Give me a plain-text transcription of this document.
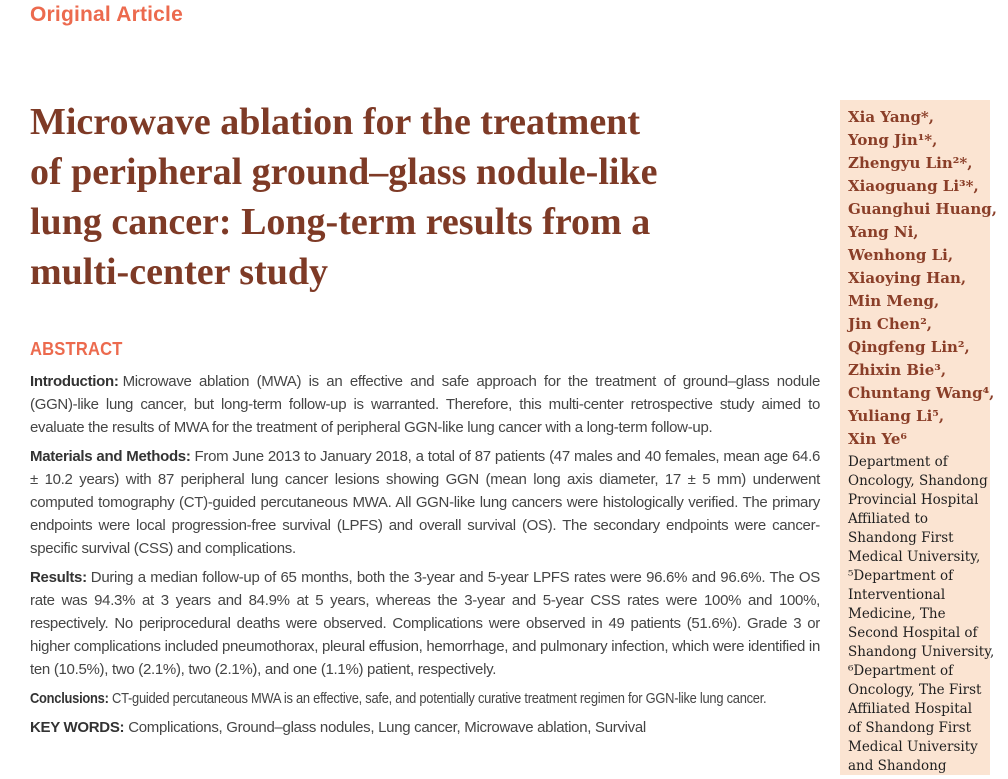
Original Article
Microwave ablation for the treatment
of peripheral ground–glass nodule-like
lung cancer: Long-term results from a
multi-center study
ABSTRACT

Introduction: Microwave ablation (MWA) is an effective and safe approach for the treatment of ground–glass nodule (GGN)-like lung cancer, but long-term follow-up is warranted. Therefore, this multi-center retrospective study aimed to evaluate the results of MWA for the treatment of peripheral GGN-like lung cancer with a long-term follow-up.

Materials and Methods: From June 2013 to January 2018, a total of 87 patients (47 males and 40 females, mean age 64.6 ± 10.2 years) with 87 peripheral lung cancer lesions showing GGN (mean long axis diameter, 17 ± 5 mm) underwent computed tomography (CT)-guided percutaneous MWA. All GGN-like lung cancers were histologically verified. The primary endpoints were local progression-free survival (LPFS) and overall survival (OS). The secondary endpoints were cancer-specific survival (CSS) and complications.

Results: During a median follow-up of 65 months, both the 3-year and 5-year LPFS rates were 96.6% and 96.6%. The OS rate was 94.3% at 3 years and 84.9% at 5 years, whereas the 3-year and 5-year CSS rates were 100% and 100%, respectively. No periprocedural deaths were observed. Complications were observed in 49 patients (51.6%). Grade 3 or higher complications included pneumothorax, pleural effusion, hemorrhage, and pulmonary infection, which were identified in ten (10.5%), two (2.1%), two (2.1%), and one (1.1%) patient, respectively.

Conclusions: CT-guided percutaneous MWA is an effective, safe, and potentially curative treatment regimen for GGN-like lung cancer.

KEY WORDS: Complications, Ground–glass nodules, Lung cancer, Microwave ablation, Survival

Xia Yang*,
Yong Jin¹*,
Zhengyu Lin²*,
Xiaoguang Li³*,
Guanghui Huang,
Yang Ni,
Wenhong Li,
Xiaoying Han,
Min Meng,
Jin Chen²,
Qingfeng Lin²,
Zhixin Bie³,
Chuntang Wang⁴,
Yuliang Li⁵,
Xin Ye⁶
Department of
Oncology, Shandong
Provincial Hospital
Affiliated to
Shandong First
Medical University,
⁵Department of
Interventional
Medicine, The
Second Hospital of
Shandong University,
⁶Department of
Oncology, The First
Affiliated Hospital
of Shandong First
Medical University
and Shandong
